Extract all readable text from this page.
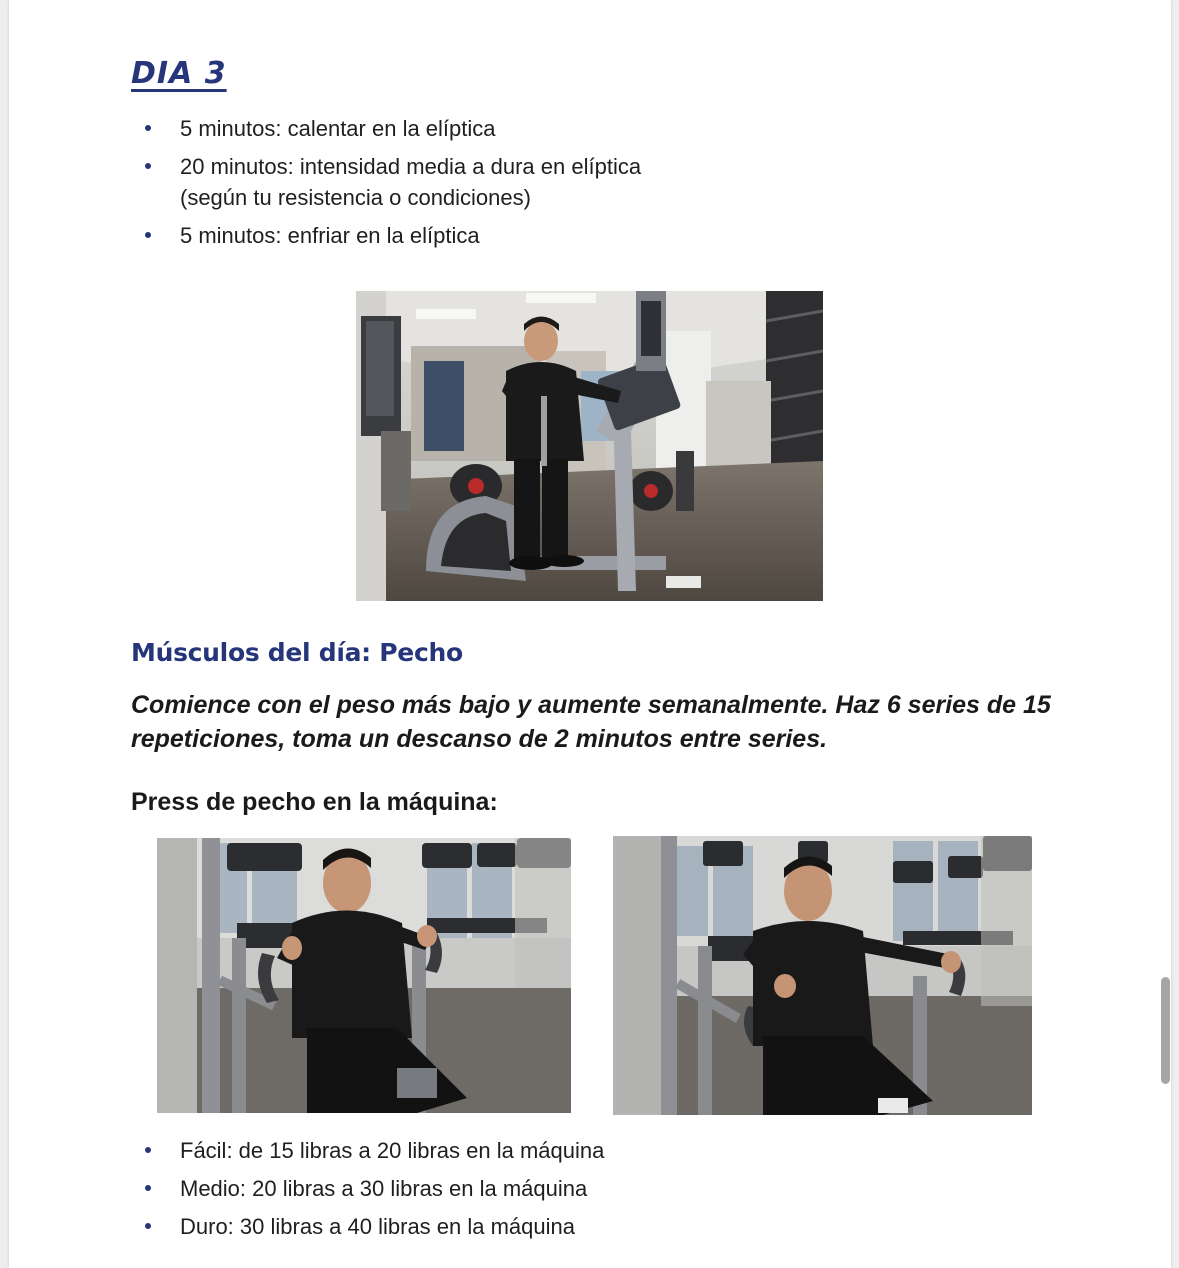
DIA 3
5 minutos: calentar en la elíptica
20 minutos: intensidad media a dura en elíptica (según tu resistencia o condiciones)
5 minutos: enfriar en la elíptica
Músculos del día: Pecho

Comience con el peso más bajo y aumente semanalmente. Haz 6 series de 15 repeticiones, toma un descanso de 2 minutos entre series.

Press de pecho en la máquina:
Fácil: de 15 libras a 20 libras en la máquina
Medio: 20 libras a 30 libras en la máquina
Duro: 30 libras a 40 libras en la máquina
